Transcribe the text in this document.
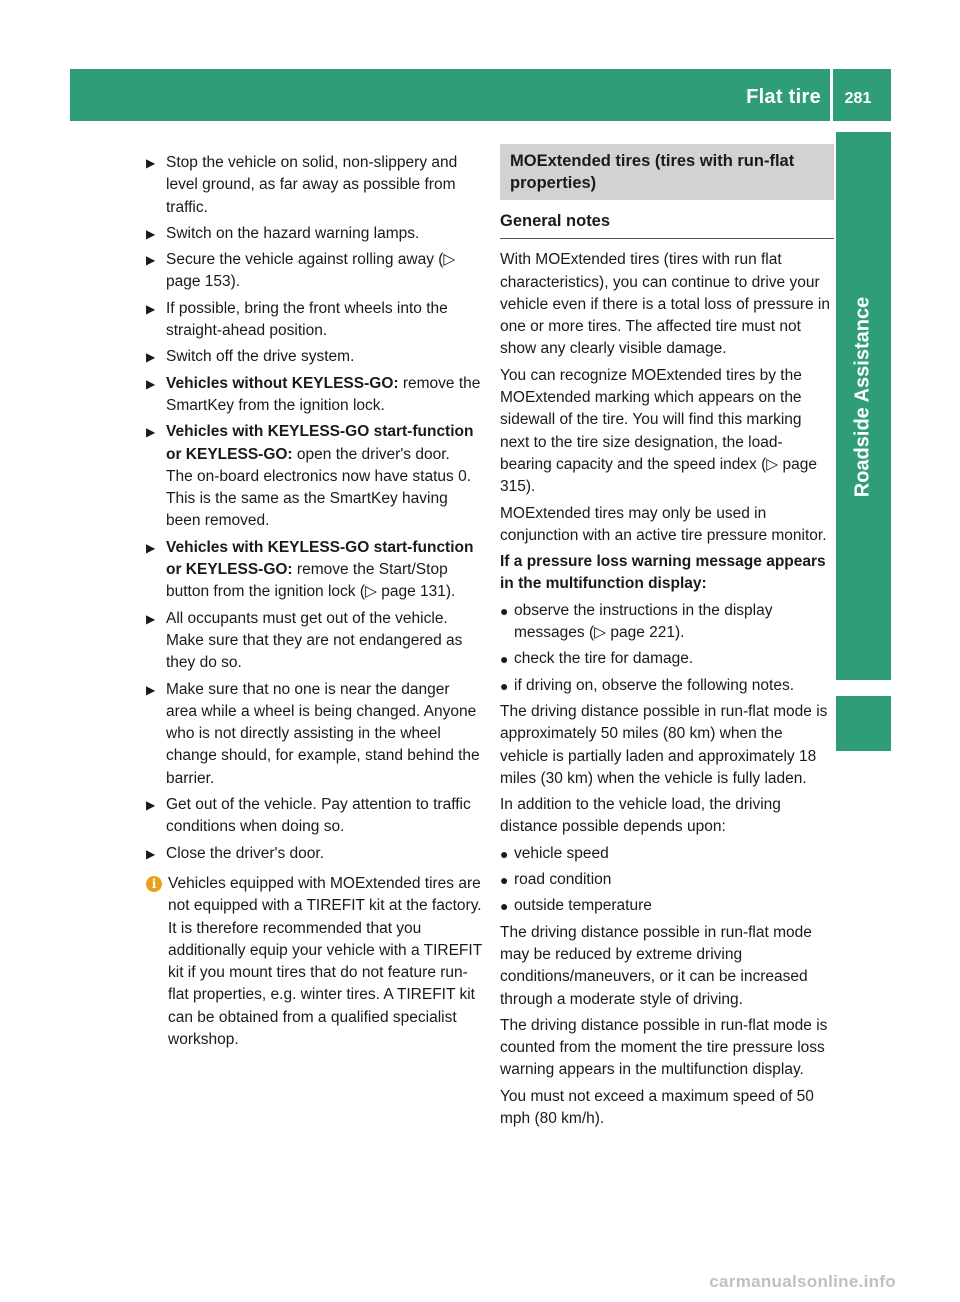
Flat tire	281
Roadside Assistance
▶ Stop the vehicle on solid, non-slippery and level ground, as far away as possible from traffic.
▶ Switch on the hazard warning lamps.
▶ Secure the vehicle against rolling away (▷ page 153).
▶ If possible, bring the front wheels into the straight-ahead position.
▶ Switch off the drive system.
▶ Vehicles without KEYLESS-GO: remove the SmartKey from the ignition lock.
▶ Vehicles with KEYLESS-GO start-function or KEYLESS-GO: open the driver's door.
The on-board electronics now have status 0. This is the same as the SmartKey having been removed.
▶ Vehicles with KEYLESS-GO start-function or KEYLESS-GO: remove the Start/Stop button from the ignition lock (▷ page 131).
▶ All occupants must get out of the vehicle. Make sure that they are not endangered as they do so.
▶ Make sure that no one is near the danger area while a wheel is being changed. Anyone who is not directly assisting in the wheel change should, for example, stand behind the barrier.
▶ Get out of the vehicle. Pay attention to traffic conditions when doing so.
▶ Close the driver's door.
i Vehicles equipped with MOExtended tires are not equipped with a TIREFIT kit at the factory. It is therefore recommended that you additionally equip your vehicle with a TIREFIT kit if you mount tires that do not feature run-flat properties, e.g. winter tires. A TIREFIT kit can be obtained from a qualified specialist workshop.
MOExtended tires (tires with run-flat properties)
General notes
With MOExtended tires (tires with run flat characteristics), you can continue to drive your vehicle even if there is a total loss of pressure in one or more tires. The affected tire must not show any clearly visible damage.
You can recognize MOExtended tires by the MOExtended marking which appears on the sidewall of the tire. You will find this marking next to the tire size designation, the load-bearing capacity and the speed index (▷ page 315).
MOExtended tires may only be used in conjunction with an active tire pressure monitor.
If a pressure loss warning message appears in the multifunction display:
● observe the instructions in the display messages (▷ page 221).
● check the tire for damage.
● if driving on, observe the following notes.
The driving distance possible in run-flat mode is approximately 50 miles (80 km) when the vehicle is partially laden and approximately 18 miles (30 km) when the vehicle is fully laden.
In addition to the vehicle load, the driving distance possible depends upon:
● vehicle speed
● road condition
● outside temperature
The driving distance possible in run-flat mode may be reduced by extreme driving conditions/maneuvers, or it can be increased through a moderate style of driving.
The driving distance possible in run-flat mode is counted from the moment the tire pressure loss warning appears in the multifunction display.
You must not exceed a maximum speed of 50 mph (80 km/h).
carmanualsonline.info
